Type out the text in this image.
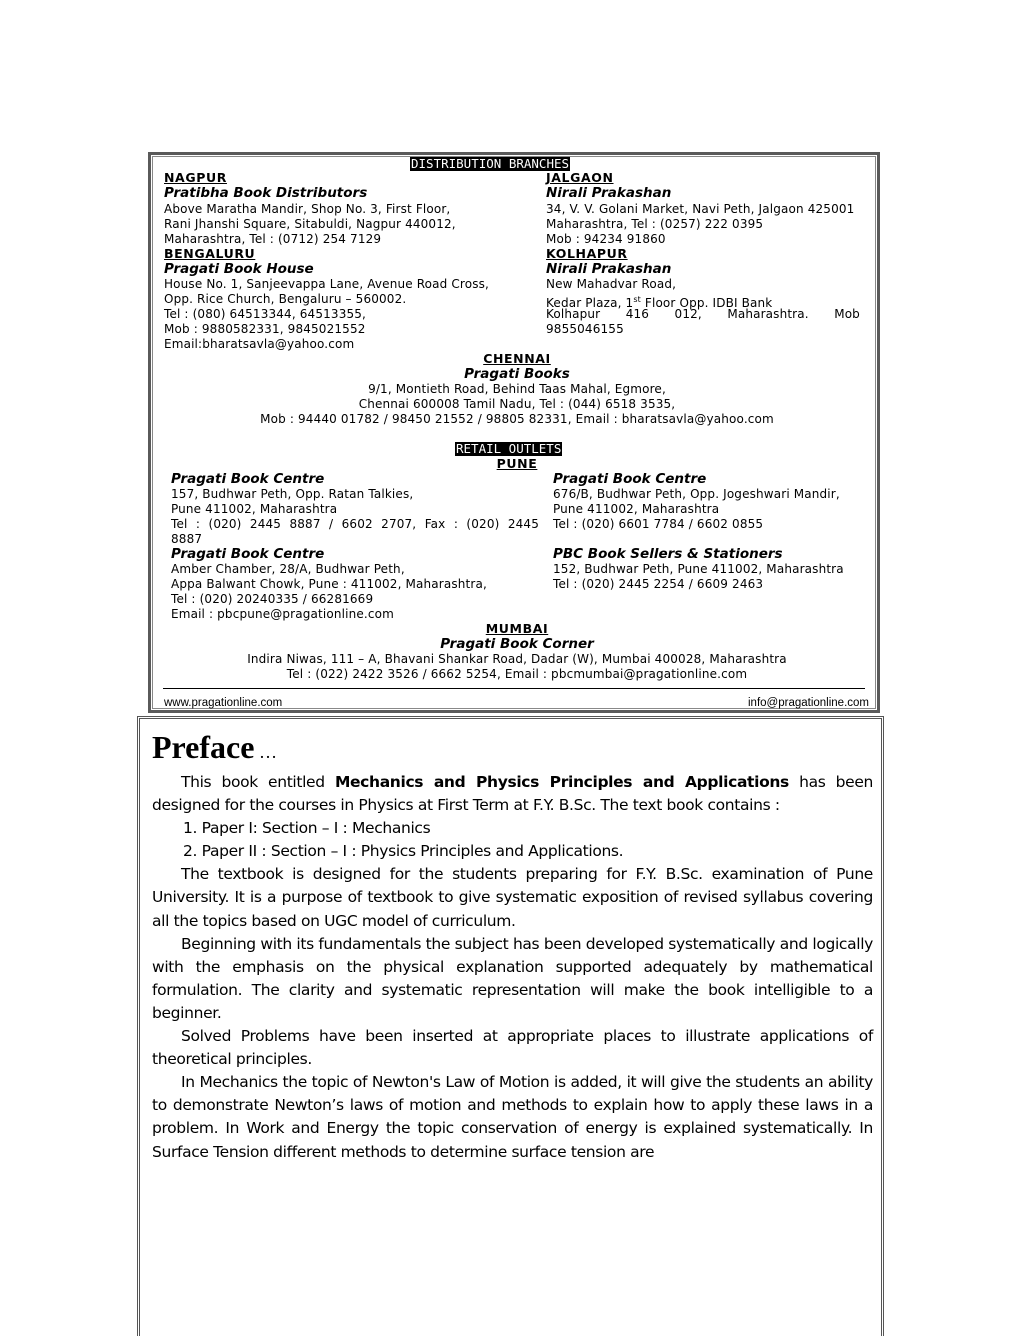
DISTRIBUTION BRANCHES
NAGPUR
Pratibha Book Distributors
Above Maratha Mandir, Shop No. 3, First Floor,
Rani Jhanshi Square, Sitabuldi, Nagpur 440012,
Maharashtra, Tel : (0712) 254 7129
JALGAON
Nirali Prakashan
34, V. V. Golani Market, Navi Peth, Jalgaon 425001
Maharashtra, Tel : (0257) 222 0395
Mob : 94234 91860
BENGALURU
Pragati Book House
House No. 1, Sanjeevappa Lane, Avenue Road Cross,
Opp. Rice Church, Bengaluru – 560002.
Tel : (080) 64513344, 64513355,
Mob : 9880582331, 9845021552
Email:bharatsavla@yahoo.com
KOLHAPUR
Nirali Prakashan
New Mahadvar Road,
Kedar Plaza, 1st Floor Opp. IDBI Bank
Kolhapur 416 012, Maharashtra. Mob
9855046155
CHENNAI
Pragati Books
9/1, Montieth Road, Behind Taas Mahal, Egmore,
Chennai 600008 Tamil Nadu, Tel : (044) 6518 3535,
Mob : 94440 01782 / 98450 21552 / 98805 82331, Email : bharatsavla@yahoo.com
RETAIL OUTLETS
PUNE
Pragati Book Centre
157, Budhwar Peth, Opp. Ratan Talkies,
Pune 411002, Maharashtra
Tel : (020) 2445 8887 / 6602 2707, Fax : (020) 2445
8887
Pragati Book Centre
676/B, Budhwar Peth, Opp. Jogeshwari Mandir,
Pune 411002, Maharashtra
Tel : (020) 6601 7784 / 6602 0855
Pragati Book Centre
Amber Chamber, 28/A, Budhwar Peth,
Appa Balwant Chowk, Pune : 411002, Maharashtra,
Tel : (020) 20240335 / 66281669
Email : pbcpune@pragationline.com
PBC Book Sellers & Stationers
152, Budhwar Peth, Pune 411002, Maharashtra
Tel : (020) 2445 2254 / 6609 2463
MUMBAI
Pragati Book Corner
Indira Niwas, 111 – A, Bhavani Shankar Road, Dadar (W), Mumbai 400028, Maharashtra
Tel : (022) 2422 3526 / 6662 5254, Email : pbcmumbai@pragationline.com
www.pragationline.com	info@pragationline.com
Preface …

This book entitled Mechanics and Physics Principles and Applications has been designed for the courses in Physics at First Term at F.Y. B.Sc. The text book contains :

1. Paper I: Section – I : Mechanics

2. Paper II : Section – I : Physics Principles and Applications.

The textbook is designed for the students preparing for F.Y. B.Sc. examination of Pune University. It is a purpose of textbook to give systematic exposition of revised syllabus covering all the topics based on UGC model of curriculum.

Beginning with its fundamentals the subject has been developed systematically and logically with the emphasis on the physical explanation supported adequately by mathematical formulation. The clarity and systematic representation will make the book intelligible to a beginner.

Solved Problems have been inserted at appropriate places to illustrate applications of theoretical principles.

In Mechanics the topic of Newton's Law of Motion is added, it will give the students an ability to demonstrate Newton’s laws of motion and methods to explain how to apply these laws in a problem. In Work and Energy the topic conservation of energy is explained systematically. In Surface Tension different methods to determine surface tension are
